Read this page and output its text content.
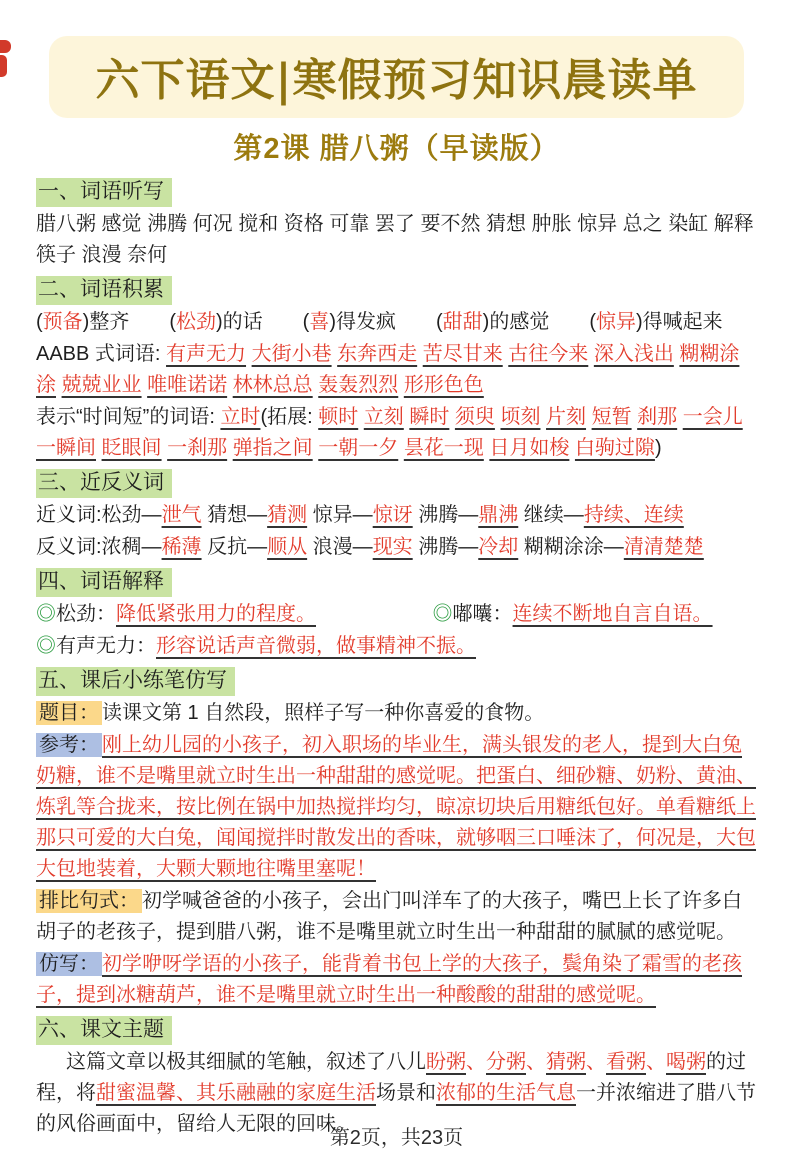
六下语文|寒假预习知识晨读单
第2课 腊八粥（早读版）
一、词语听写

腊八粥 感觉 沸腾 何况 搅和 资格 可靠 罢了 要不然 猜想 肿胀 惊异 总之 染缸 解释 筷子 浪漫 奈何

二、词语积累

(预备)整齐　　(松劲)的话　　(喜)得发疯　　(甜甜)的感觉　　(惊异)得喊起来

AABB 式词语: 有声无力 大街小巷 东奔西走 苦尽甘来 古往今来 深入浅出 糊糊涂涂 兢兢业业 唯唯诺诺 林林总总 轰轰烈烈 形形色色

表示“时间短”的词语: 立时(拓展: 顿时 立刻 瞬时 须臾 顷刻 片刻 短暂 刹那 一会儿 一瞬间 眨眼间 一刹那 弹指之间 一朝一夕 昙花一现 日月如梭 白驹过隙)

三、近反义词

近义词:松劲—泄气 猜想—猜测 惊异—惊讶 沸腾—鼎沸 继续—持续、连续

反义词:浓稠—稀薄 反抗—顺从 浪漫—现实 沸腾—冷却 糊糊涂涂—清清楚楚

四、词语解释
◎松劲：降低紧张用力的程度。	◎嘟囔：连续不断地自言自语。

◎有声无力：形容说话声音微弱，做事精神不振。

五、课后小练笔仿写

题目： 读课文第 1 自然段，照样子写一种你喜爱的食物。

参考： 刚上幼儿园的小孩子，初入职场的毕业生，满头银发的老人，提到大白兔奶糖，谁不是嘴里就立时生出一种甜甜的感觉呢。把蛋白、细砂糖、奶粉、黄油、炼乳等合拢来，按比例在锅中加热搅拌均匀，晾凉切块后用糖纸包好。单看糖纸上那只可爱的大白兔，闻闻搅拌时散发出的香味，就够咽三口唾沫了，何况是，大包大包地装着，大颗大颗地往嘴里塞呢！

排比句式： 初学喊爸爸的小孩子，会出门叫洋车了的大孩子，嘴巴上长了许多白胡子的老孩子，提到腊八粥，谁不是嘴里就立时生出一种甜甜的腻腻的感觉呢。

仿写： 初学咿呀学语的小孩子，能背着书包上学的大孩子，鬓角染了霜雪的老孩子，提到冰糖葫芦，谁不是嘴里就立时生出一种酸酸的甜甜的感觉呢。

六、课文主题

这篇文章以极其细腻的笔触，叙述了八儿盼粥、分粥、猜粥、看粥、喝粥的过程，将甜蜜温馨、其乐融融的家庭生活场景和浓郁的生活气息一并浓缩进了腊八节的风俗画面中，留给人无限的回味。

第2页，共23页
